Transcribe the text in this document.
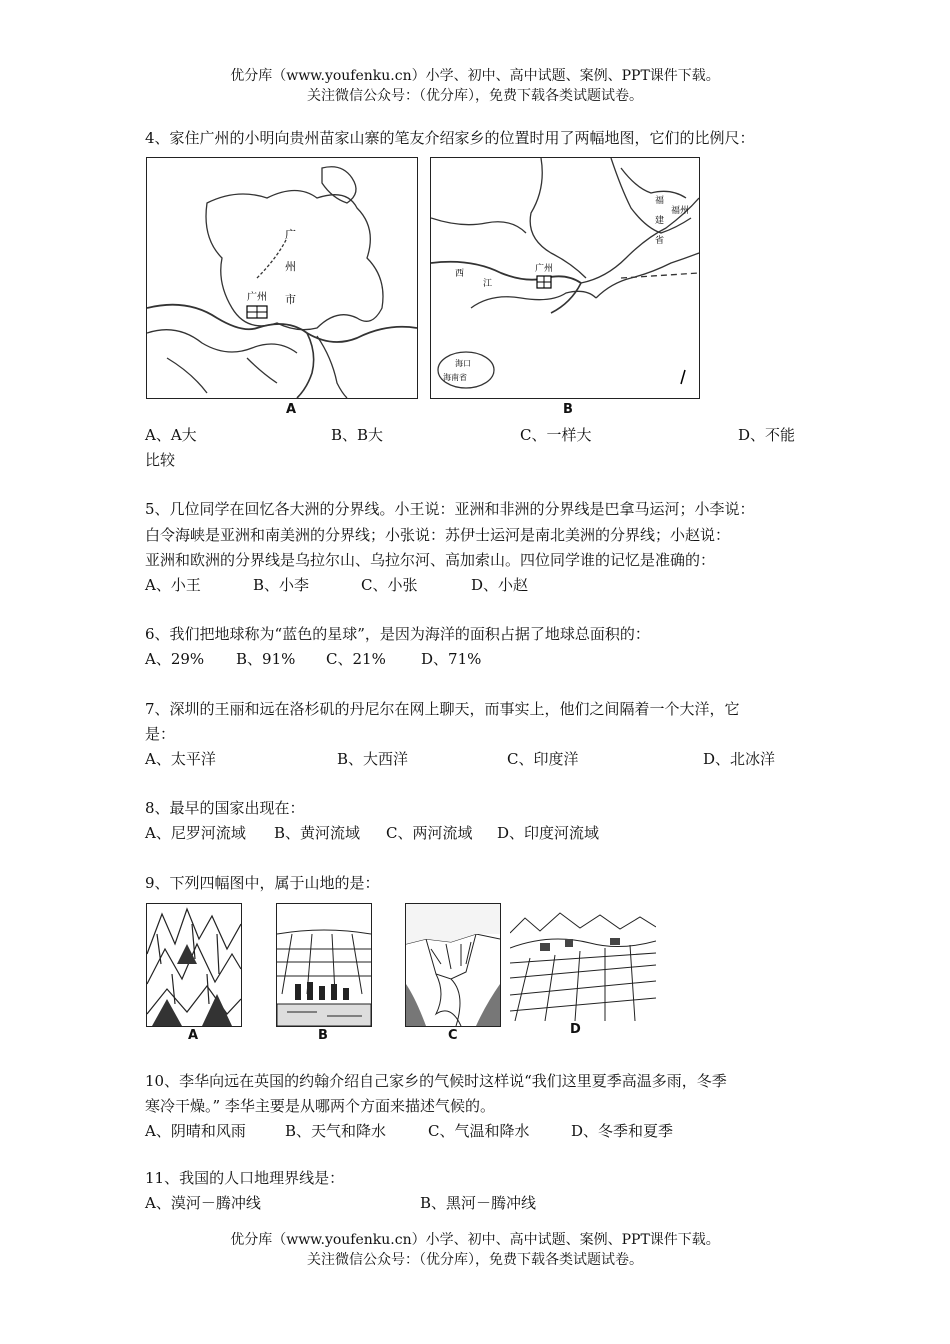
优分库（www.youfenku.cn）小学、初中、高中试题、案例、PPT课件下载。
关注微信公众号：（优分库），免费下载各类试题试卷。
4、家住广州的小明向贵州苗家山寨的笔友介绍家乡的位置时用了两幅地图，它们的比例尺：
广
州
广州 市
A
福
建
省
福州
广州
西
江
海口
海南省
B
A、A大	B、B大	C、一样大	D、不能
比较
5、几位同学在回忆各大洲的分界线。小王说：亚洲和非洲的分界线是巴拿马运河；小李说：
白令海峡是亚洲和南美洲的分界线；小张说：苏伊士运河是南北美洲的分界线；小赵说：
亚洲和欧洲的分界线是乌拉尔山、乌拉尔河、高加索山。四位同学谁的记忆是准确的：
A、小王	B、小李	C、小张	D、小赵
6、我们把地球称为“蓝色的星球”，是因为海洋的面积占据了地球总面积的：
A、29% B、91% C、21% D、71%
7、深圳的王丽和远在洛杉矶的丹尼尔在网上聊天，而事实上，他们之间隔着一个大洋，它
是：
A、太平洋	B、大西洋	C、印度洋	D、北冰洋
8、最早的国家出现在：
A、尼罗河流域 B、黄河流域 C、两河流域 D、印度河流域
9、下列四幅图中，属于山地的是：
A	B	C	D
10、李华向远在英国的约翰介绍自己家乡的气候时这样说“我们这里夏季高温多雨，冬季
寒冷干燥。” 李华主要是从哪两个方面来描述气候的。
A、阴晴和风雨	B、天气和降水	C、气温和降水	D、冬季和夏季
11、我国的人口地理界线是：
A、漠河－腾冲线	B、黑河－腾冲线
优分库（www.youfenku.cn）小学、初中、高中试题、案例、PPT课件下载。
关注微信公众号：（优分库），免费下载各类试题试卷。
